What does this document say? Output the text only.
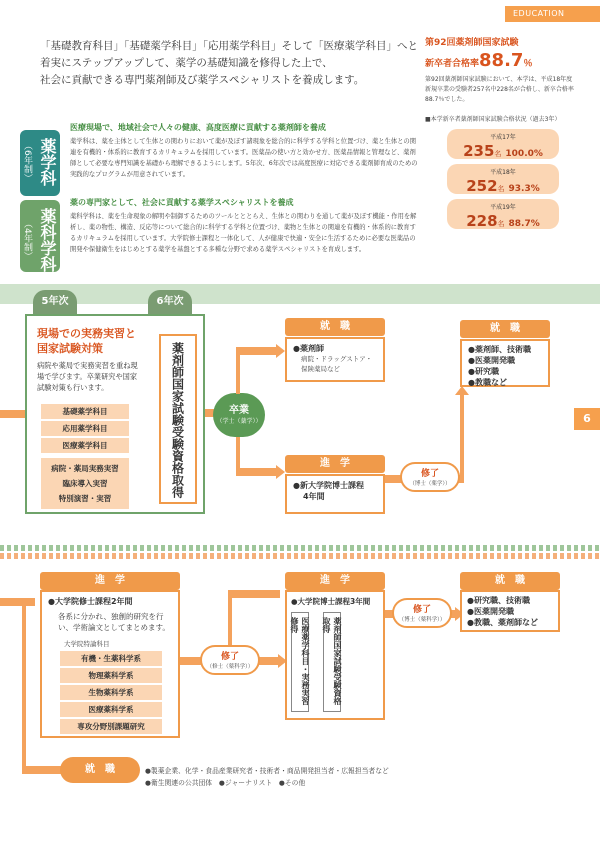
EDUCATION SYSTEM
6

「基礎教育科目」「基礎薬学科目」「応用薬学科目」そして「医療薬学科目」へと

着実にステップアップして、薬学の基礎知識を修得した上で、

社会に貢献できる専門薬剤師及び薬学スペシャリストを養成します。

第92回薬剤師国家試験
新卒者合格率88.7％
第92回薬剤師国家試験において、本学は、平成18年度新規卒業の受験者257名中228名が合格し、新卒合格率88.7％でした。
■本学新卒者薬剤師国家試験合格状況（過去3年）
平成17年
235名 100.0%
平成18年
252名 93.3%
平成19年
228名 88.7%
薬学科
（6年制）
医療現場で、地域社会で人々の健康、高度医療に貢献する薬剤師を養成
薬学科は、薬を主体として生体との関わりにおいて薬が及ぼす諸現象を総合的に科学する学科と位置づけ、薬と生体との関連を有機的・体系的に教育するカリキュラムを採用しています。医薬品の使い方と効かせ方、医薬品情報と管理など、薬剤師として必要な専門知識を基礎から理解できるようにします。5年次、6年次では高度医療に対応できる薬剤師育成のための実践的なプログラムが用意されています。
薬科学科
（4年制）
薬の専門家として、社会に貢献する薬学スペシャリストを養成
薬科学科は、薬を生命現象の解明や制御するためのツールとととらえ、生体との関わりを通して薬が及ぼす機能・作用を解析し、薬の物性、構造、反応等について総合的に科学する学科と位置づけ、薬物と生体との関連を有機的・体系的に教育するカリキュラムを採用しています。大学院修士課程と一体化して、人が健康で快適・安全に生活するために必要な医薬品の開発や保健衛生をはじめとする薬学を基盤とする多種な分野で求める薬学スペシャリストを育成します。
5年次	6年次
現場での実務実習と
国家試験対策
病院や薬局で実務実習を重ね現場で学びます。卒業研究や国家試験対策も行います。
基礎薬学科目
応用薬学科目
医療薬学科目
病院・薬局実務実習
臨床導入実習
特別演習・実習
薬剤師国家試験受験資格取得	卒業
（学士（薬学））
就　職
●薬剤師
病院・ドラッグストア・保険薬局など
進　学
●新大学院博士課程
4年間
修了
（博士（薬学））
就　職
●薬剤師、技術職
●医薬開発職
●研究職
●教職など
進　学
●大学院修士課程2年間
各系に分かれ、独創的研究を行い、学術論文としてまとめます。
大学院特論科目
有機・生薬科学系
物理薬科学系
生物薬科学系
医療薬科学系
専攻分野別課題研究
修了
（修士（薬科学））
進　学
●大学院博士課程3年間
医療薬学科目・実務実習修得	薬剤師国家試験受験資格取得
修了
（博士（薬科学））
就　職
●研究職、技術職
●医薬開発職
●教職、薬剤師など
就　職	●製薬企業、化学・食品産業研究者・技術者・商品開発担当者・広報担当者など
●衛生関連の公共団体　●ジャーナリスト　●その他
